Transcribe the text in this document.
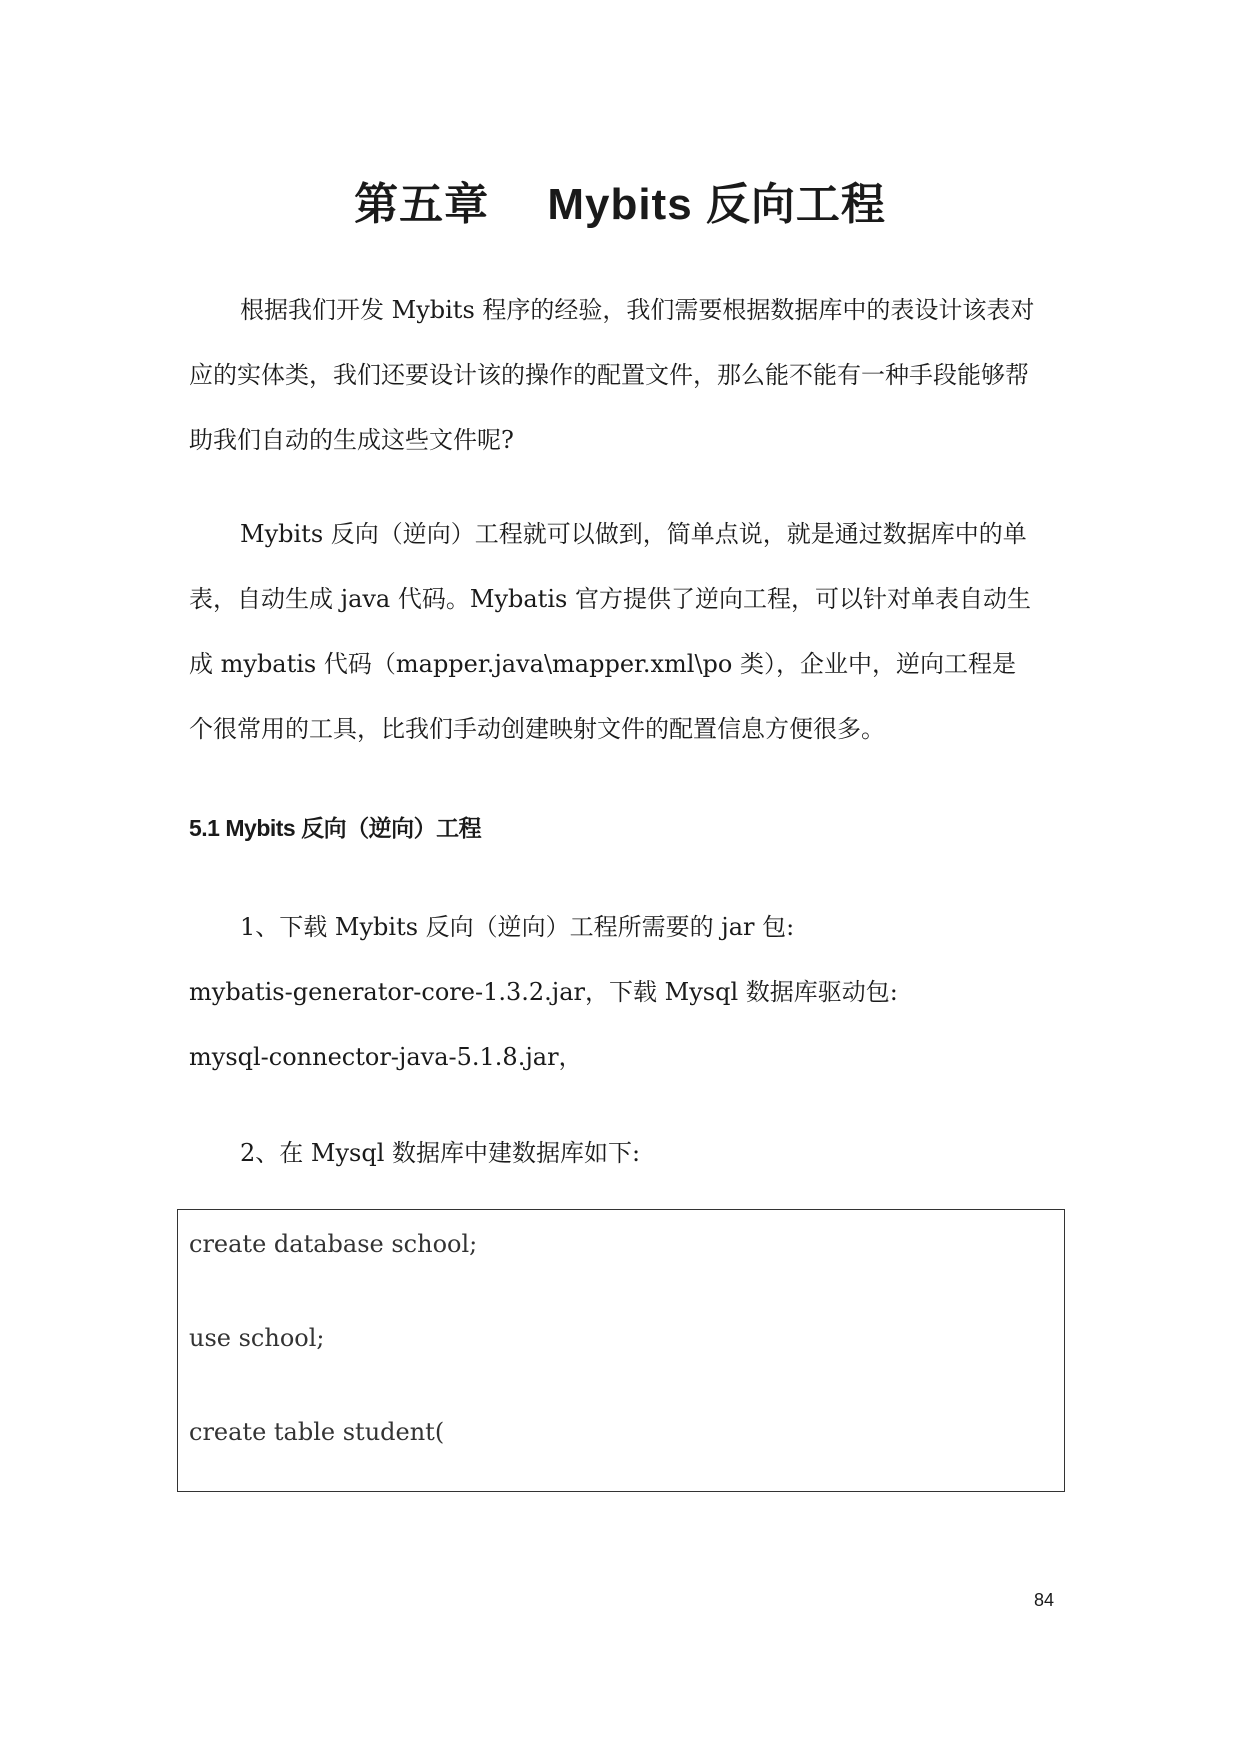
第五章　 Mybits 反向工程
根据我们开发 Mybits 程序的经验，我们需要根据数据库中的表设计该表对
应的实体类，我们还要设计该的操作的配置文件，那么能不能有一种手段能够帮
助我们自动的生成这些文件呢?
Mybits 反向（逆向）工程就可以做到，简单点说，就是通过数据库中的单
表，自动生成 java 代码。Mybatis 官方提供了逆向工程，可以针对单表自动生
成 mybatis 代码（mapper.java\mapper.xml\po 类），企业中，逆向工程是
个很常用的工具，比我们手动创建映射文件的配置信息方便很多。
5.1 Mybits 反向（逆向）工程
1、下载 Mybits 反向（逆向）工程所需要的 jar 包:
mybatis-generator-core-1.3.2.jar，下载 Mysql 数据库驱动包:
mysql-connector-java-5.1.8.jar，
2、在 Mysql 数据库中建数据库如下:
create database school;
use school;
create table student(
84
